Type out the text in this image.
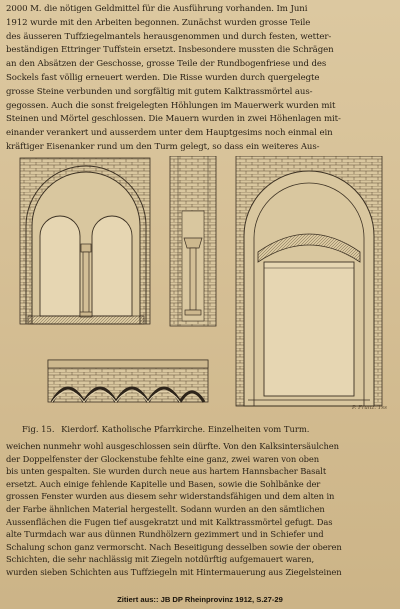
2000 M. die nötigen Geldmittel für die Ausführung vorhanden. Im Juni
1912 wurde mit den Arbeiten begonnen. Zunächst wurden grosse Teile
des äusseren Tuffziegelmantels herausgenommen und durch festen, wetter-
beständigen Ettringer Tuffstein ersetzt. Insbesondere mussten die Schrägen
an den Absätzen der Geschosse, grosse Teile der Rundbogenfriese und des
Sockels fast völlig erneuert werden. Die Risse wurden durch quergelegte
grosse Steine verbunden und sorgfältig mit gutem Kalktrassmörtel aus-
gegossen. Auch die sonst freigelegten Höhlungen im Mauerwerk wurden mit
Steinen und Mörtel geschlossen. Die Mauern wurden in zwei Höhenlagen mit-
einander verankert und ausserdem unter dem Hauptgesims noch einmal ein
kräftiger Eisenanker rund um den Turm gelegt, so dass ein weiteres Aus-
P. Franz. 1ss
Fig. 15. Kierdorf. Katholische Pfarrkirche. Einzelheiten vom Turm.
weichen nunmehr wohl ausgeschlossen sein dürfte. Von den Kalksintersäulchen
der Doppelfenster der Glockenstube fehlte eine ganz, zwei waren von oben
bis unten gespalten. Sie wurden durch neue aus hartem Hannsbacher Basalt
ersetzt. Auch einige fehlende Kapitelle und Basen, sowie die Sohlbänke der
grossen Fenster wurden aus diesem sehr widerstandsfähigen und dem alten in
der Farbe ähnlichen Material hergestellt. Sodann wurden an den sämtlichen
Aussenflächen die Fugen tief ausgekratzt und mit Kalktrassmörtel gefugt. Das
alte Turmdach war aus dünnen Rundhölzern gezimmert und in Schiefer und
Schalung schon ganz vermorscht. Nach Beseitigung desselben sowie der oberen
Schichten, die sehr nachlässig mit Ziegeln notdürftig aufgemauert waren,
wurden sieben Schichten aus Tuffziegeln mit Hintermauerung aus Ziegelsteinen
Zitiert aus:: JB DP Rheinprovinz 1912, S.27-29
